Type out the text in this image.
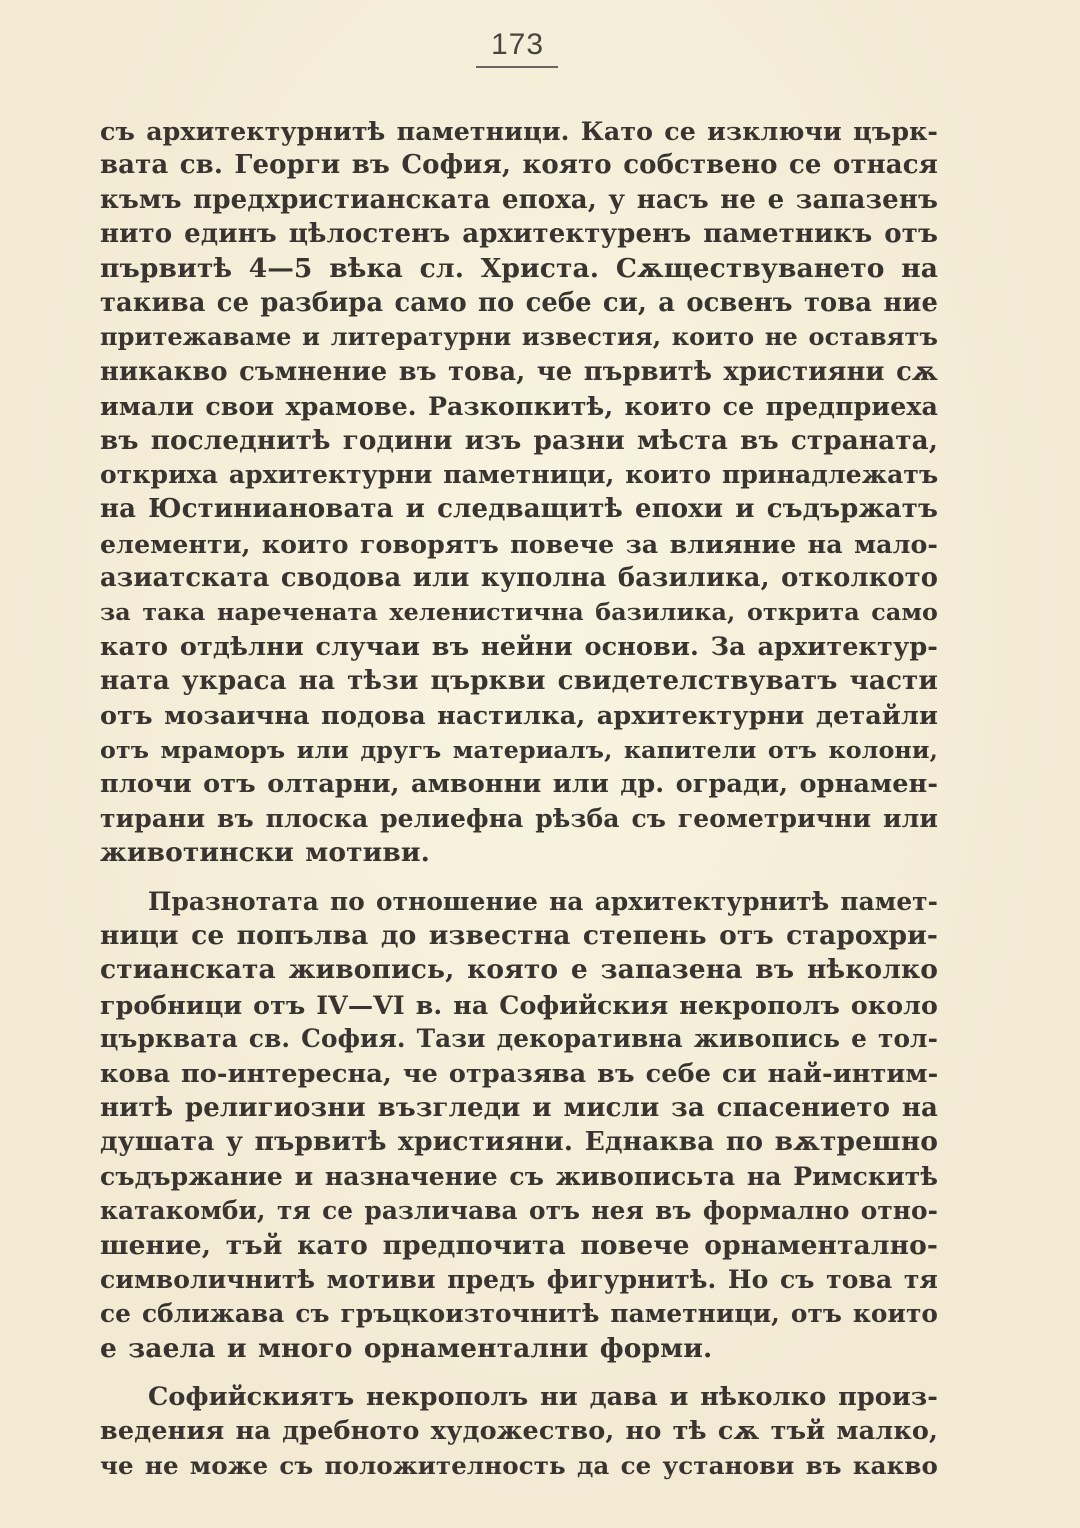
173
съ архитектурнитѣ паметници. Като се изключи църк-
вата св. Георги въ София, която собствено се отнася
къмъ предхристианската епоха, у насъ не е запазенъ
нито единъ цѣлостенъ архитектуренъ паметникъ отъ
първитѣ 4—5 вѣка сл. Христа. Сѫществуването на
такива се разбира само по себе си, а освенъ това ние
притежаваме и литературни известия, които не оставятъ
никакво съмнение въ това, че първитѣ християни сѫ
имали свои храмове. Разкопкитѣ, които се предприеха
въ последнитѣ години изъ разни мѣста въ страната,
откриха архитектурни паметници, които принадлежатъ
на Юстиниановата и следващитѣ епохи и съдържатъ
елементи, които говорятъ повече за влияние на мало-
азиатската сводова или куполна базилика, отколкото
за така наречената хеленистична базилика, открита само
като отдѣлни случаи въ нейни основи. За архитектур-
ната украса на тѣзи църкви свидетелствуватъ части
отъ мозаична подова настилка, архитектурни детайли
отъ мраморъ или другъ материалъ, капители отъ колони,
плочи отъ олтарни, амвонни или др. огради, орнамен-
тирани въ плоска релиефна рѣзба съ геометрични или
животински мотиви.
Празнотата по отношение на архитектурнитѣ памет-
ници се попълва до известна степень отъ старохри-
стианската живопись, която е запазена въ нѣколко
гробници отъ IV—VI в. на Софийския некрополъ около
църквата св. София. Тази декоративна живопись е тол-
кова по-интересна, че отразява въ себе си най-интим-
нитѣ религиозни възгледи и мисли за спасението на
душата у първитѣ християни. Еднаква по вѫтрешно
съдържание и назначение съ живописьта на Римскитѣ
катакомби, тя се различава отъ нея въ формално отно-
шение, тъй като предпочита повече орнаментално-
символичнитѣ мотиви предъ фигурнитѣ. Но съ това тя
се сближава съ гръцкоизточнитѣ паметници, отъ които
е заела и много орнаментални форми.
Софийскиятъ некрополъ ни дава и нѣколко произ-
ведения на дребното художество, но тѣ сѫ тъй малко,
че не може съ положителность да се установи въ какво
